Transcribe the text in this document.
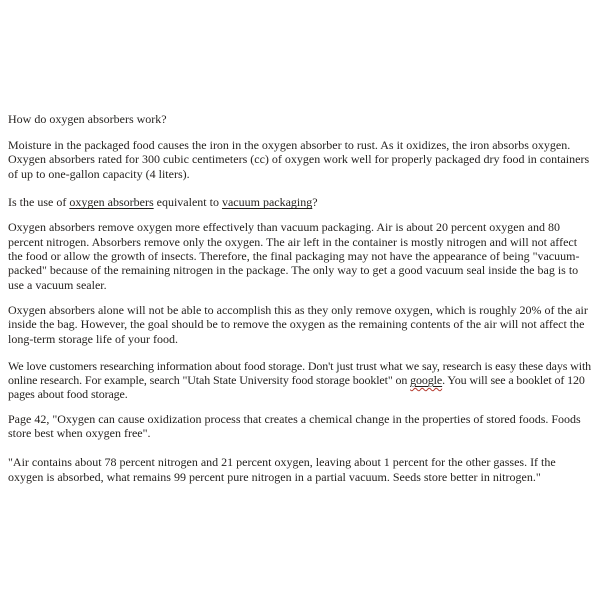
How do oxygen absorbers work?

Moisture in the packaged food causes the iron in the oxygen absorber to rust. As it oxidizes, the iron absorbs oxygen. Oxygen absorbers rated for 300 cubic centimeters (cc) of oxygen work well for properly packaged dry food in containers of up to one-gallon capacity (4 liters).

Is the use of oxygen absorbers equivalent to vacuum packaging?

Oxygen absorbers remove oxygen more effectively than vacuum packaging. Air is about 20 percent oxygen and 80 percent nitrogen. Absorbers remove only the oxygen. The air left in the container is mostly nitrogen and will not affect the food or allow the growth of insects. Therefore, the final packaging may not have the appearance of being "vacuum-packed" because of the remaining nitrogen in the package. The only way to get a good vacuum seal inside the bag is to use a vacuum sealer.

Oxygen absorbers alone will not be able to accomplish this as they only remove oxygen, which is roughly 20% of the air inside the bag. However, the goal should be to remove the oxygen as the remaining contents of the air will not affect the long-term storage life of your food.

We love customers researching information about food storage. Don't just trust what we say, research is easy these days with online research. For example, search "Utah State University food storage booklet" on google. You will see a booklet of 120 pages about food storage.

Page 42, "Oxygen can cause oxidization process that creates a chemical change in the properties of stored foods. Foods store best when oxygen free".

"Air contains about 78 percent nitrogen and 21 percent oxygen, leaving about 1 percent for the other gasses. If the oxygen is absorbed, what remains 99 percent pure nitrogen in a partial vacuum. Seeds store better in nitrogen."
